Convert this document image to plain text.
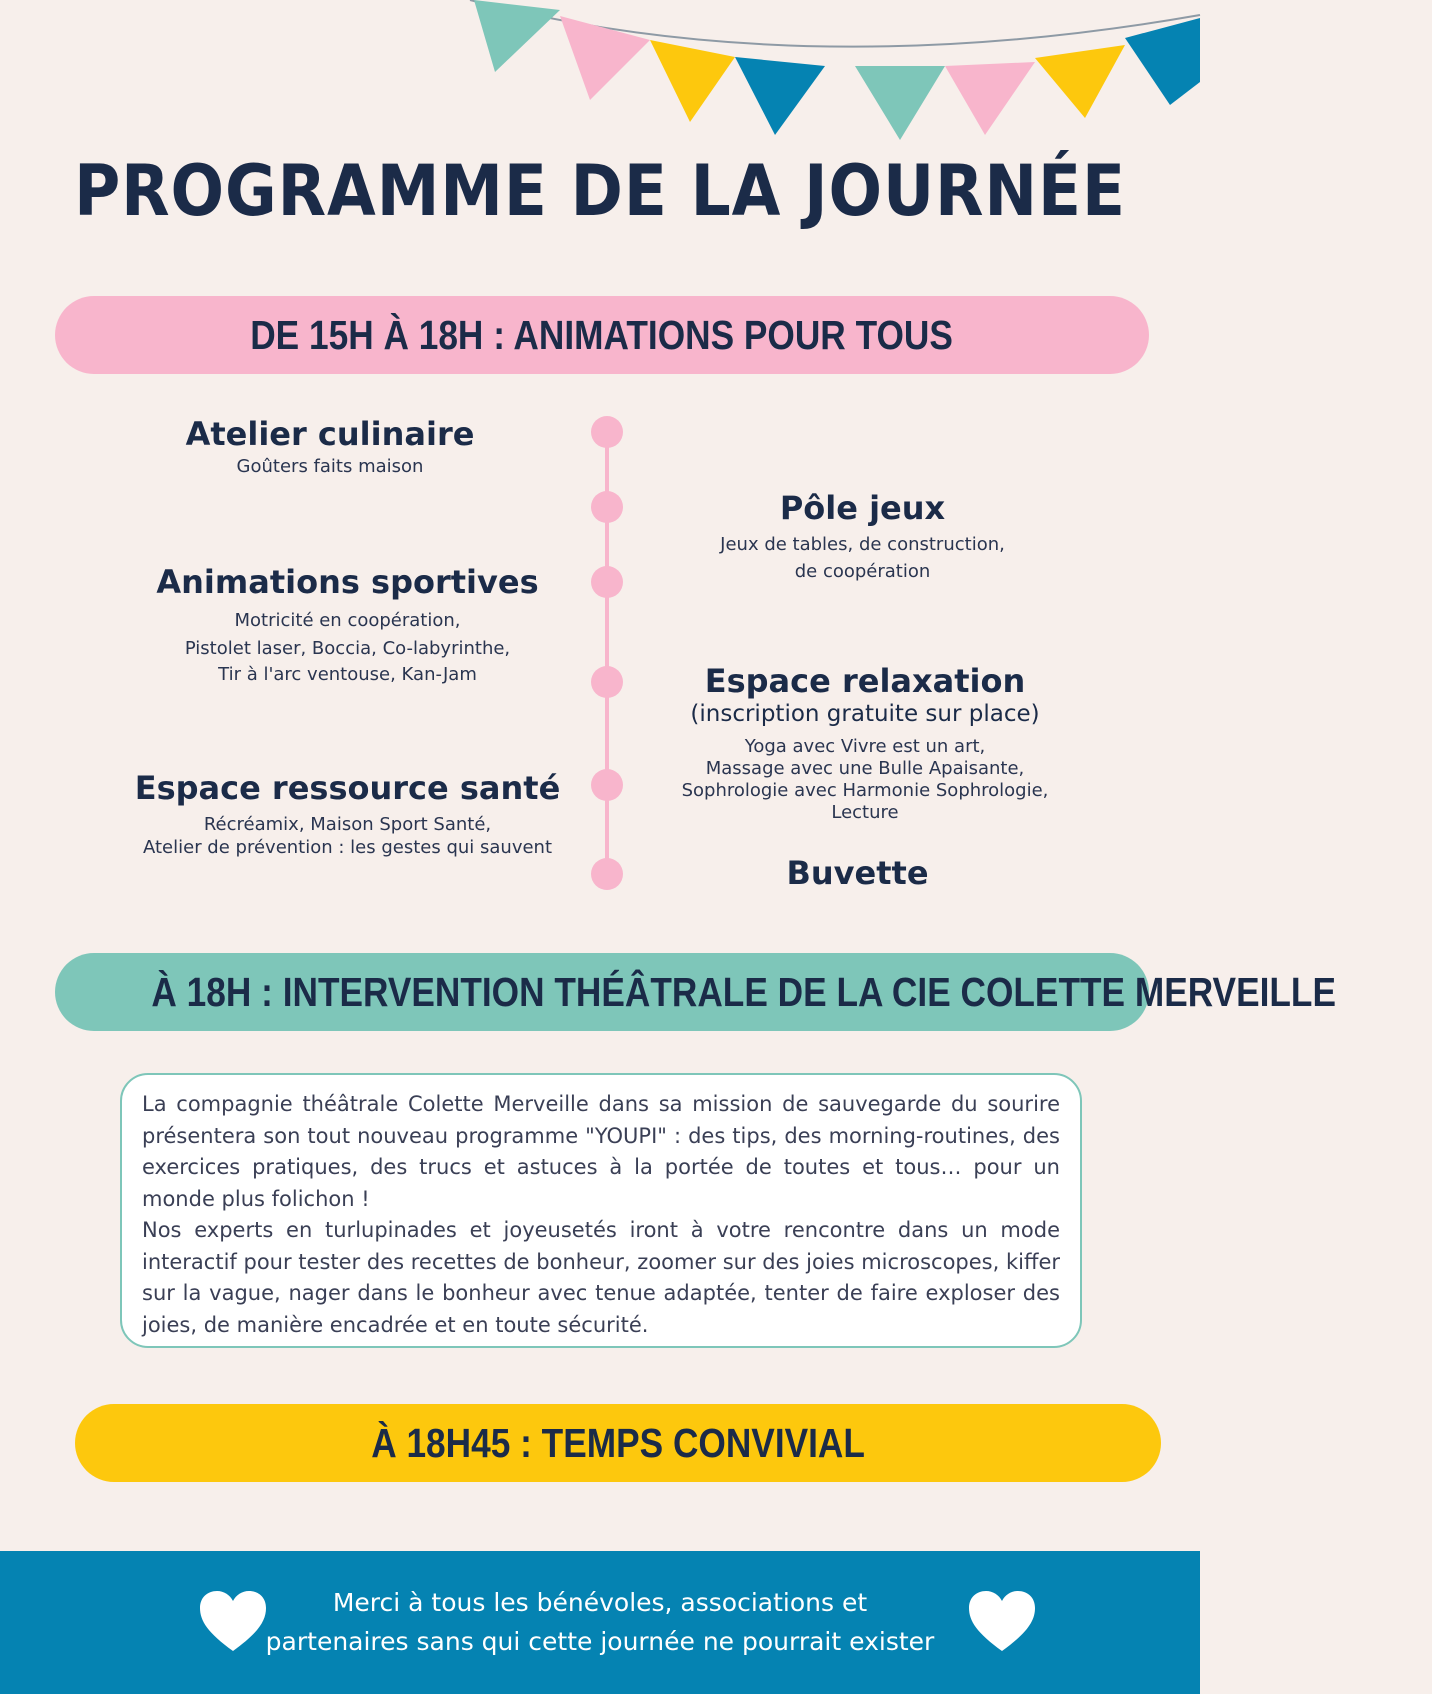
PROGRAMME DE LA JOURNÉE
DE 15H À 18H : ANIMATIONS POUR TOUS
Atelier culinaire
Goûters faits maison
Animations sportives
Motricité en coopération,
Pistolet laser, Boccia, Co-labyrinthe,
Tir à l'arc ventouse, Kan-Jam
Espace ressource santé
Récréamix, Maison Sport Santé,
Atelier de prévention : les gestes qui sauvent
Pôle jeux
Jeux de tables, de construction,
de coopération
Espace relaxation
(inscription gratuite sur place)
Yoga avec Vivre est un art,
Massage avec une Bulle Apaisante,
Sophrologie avec Harmonie Sophrologie,
Lecture
Buvette
À 18H : INTERVENTION THÉÂTRALE DE LA CIE COLETTE MERVEILLE

La compagnie théâtrale Colette Merveille dans sa mission de sauvegarde du sourire présentera son tout nouveau programme "YOUPI" : des tips, des morning-routines, des exercices pratiques, des trucs et astuces à la portée de toutes et tous… pour un monde plus folichon !

Nos experts en turlupinades et joyeusetés iront à votre rencontre dans un mode interactif pour tester des recettes de bonheur, zoomer sur des joies microscopes, kiffer sur la vague, nager dans le bonheur avec tenue adaptée, tenter de faire exploser des joies, de manière encadrée et en toute sécurité.

À 18H45 : TEMPS CONVIVIAL
Merci à tous les bénévoles, associations et
partenaires sans qui cette journée ne pourrait exister
